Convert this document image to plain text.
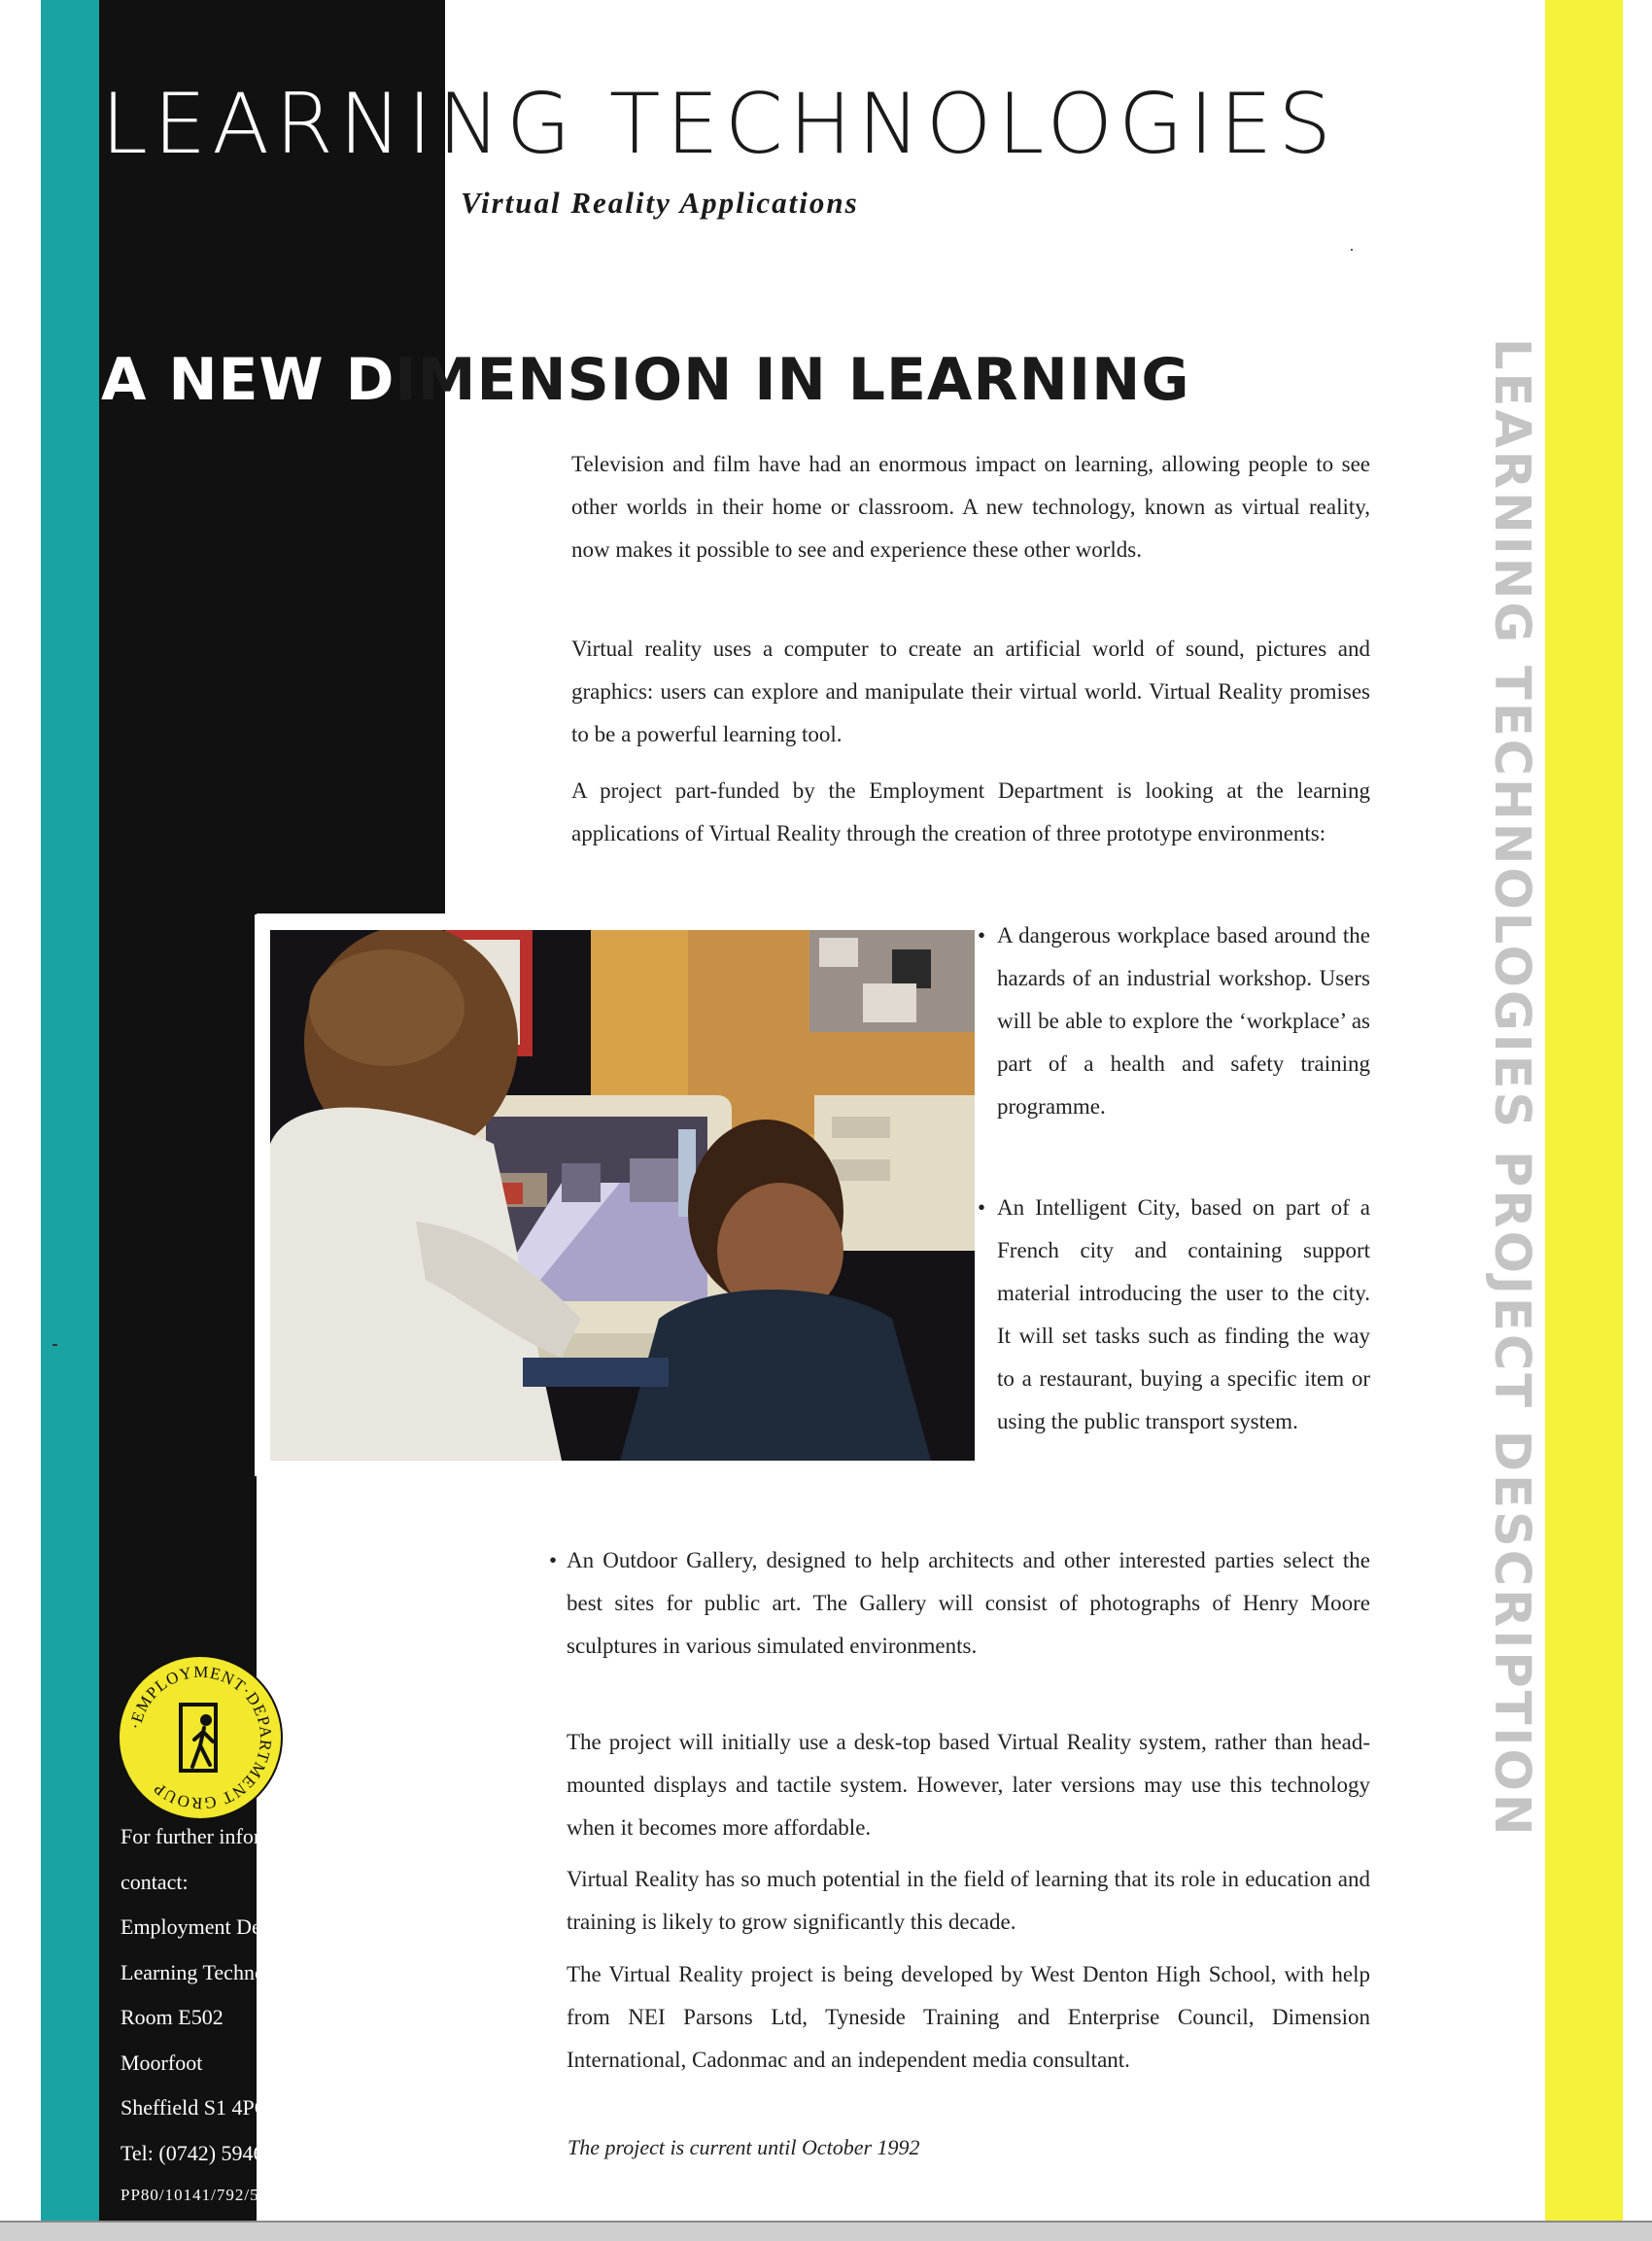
LEARNING TECHNOLOGIES
Virtual Reality Applications
A NEW DIMENSION IN LEARNING	LEARNING TECHNOLOGIES PROJECT DESCRIPTION

Television and film have had an enormous impact on learning, allowing people to see other worlds in their home or classroom. A new technology, known as virtual reality, now makes it possible to see and experience these other worlds.

Virtual reality uses a computer to create an artificial world of sound, pictures and graphics: users can explore and manipulate their virtual world. Virtual Reality promises to be a powerful learning tool.

A project part-funded by the Employment Department is looking at the learning applications of Virtual Reality through the creation of three prototype environments:

• A dangerous workplace based around the hazards of an industrial workshop. Users will be able to explore the ‘workplace’ as part of a health and safety training programme.

• An Intelligent City, based on part of a French city and containing support material introducing the user to the city. It will set tasks such as finding the way to a restaurant, buying a specific item or using the public transport system.

• An Outdoor Gallery, designed to help architects and other interested parties select the best sites for public art. The Gallery will consist of photographs of Henry Moore sculptures in various simulated environments.

The project will initially use a desk-top based Virtual Reality system, rather than head-mounted displays and tactile system. However, later versions may use this technology when it becomes more affordable.

Virtual Reality has so much potential in the field of learning that its role in education and training is likely to grow significantly this decade.

The Virtual Reality project is being developed by West Denton High School, with help from NEI Parsons Ltd, Tyneside Training and Enterprise Council, Dimension International, Cadonmac and an independent media consultant.

The project is current until October 1992
·EMPLOYMENT·DEPARTMENT GROUP
For further information
contact:
Employment Department
Learning Technologies
Room E502
Moorfoot
Sheffield S1 4PQ
Tel: (0742) 594680
PP80/10141/792/52
